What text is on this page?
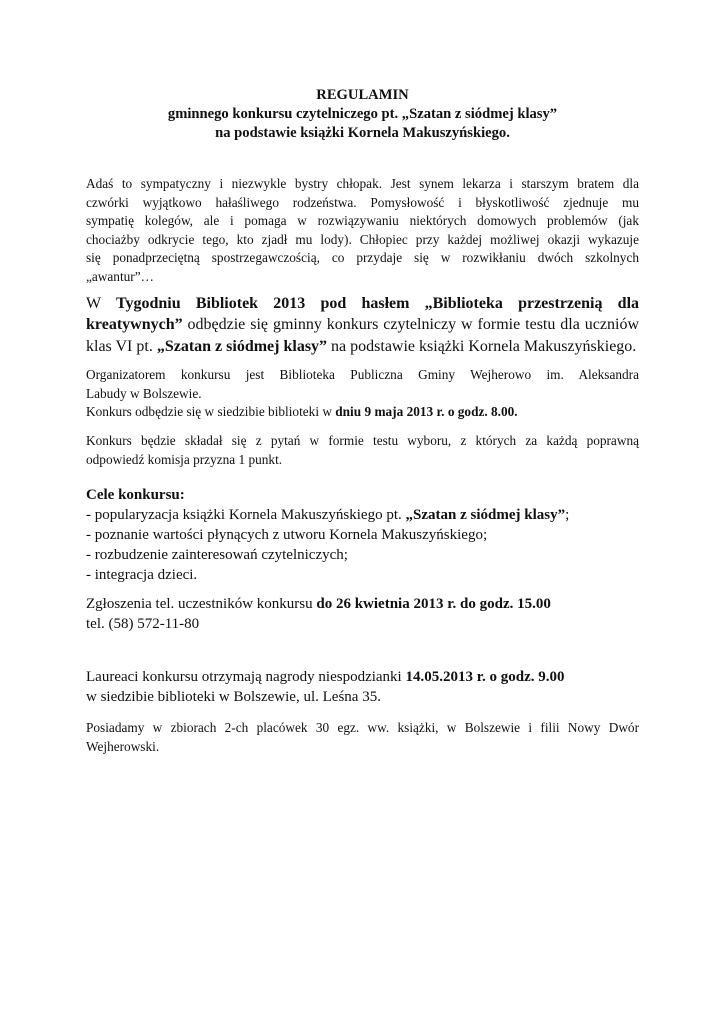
REGULAMIN
gminnego konkursu czytelniczego pt. „Szatan z siódmej klasy”
na podstawie książki Kornela Makuszyńskiego.
Adaś to sympatyczny i niezwykle bystry chłopak. Jest synem lekarza i starszym bratem dla
czwórki wyjątkowo hałaśliwego rodzeństwa. Pomysłowość i błyskotliwość zjednuje mu
sympatię kolegów, ale i pomaga w rozwiązywaniu niektórych domowych problemów (jak
chociażby odkrycie tego, kto zjadł mu lody). Chłopiec przy każdej możliwej okazji wykazuje
się ponadprzeciętną spostrzegawczością, co przydaje się w rozwikłaniu dwóch szkolnych
„awantur”…
W Tygodniu Bibliotek 2013 pod hasłem „Biblioteka przestrzenią dla
kreatywnych” odbędzie się gminny konkurs czytelniczy w formie testu dla uczniów
klas VI pt. „Szatan z siódmej klasy” na podstawie książki Kornela Makuszyńskiego.
Organizatorem konkursu jest Biblioteka Publiczna Gminy Wejherowo im. Aleksandra
Labudy w Bolszewie.
Konkurs odbędzie się w siedzibie biblioteki w dniu 9 maja 2013 r. o godz. 8.00.
Konkurs będzie składał się z pytań w formie testu wyboru, z których za każdą poprawną
odpowiedź komisja przyzna 1 punkt.
Cele konkursu:
- popularyzacja książki Kornela Makuszyńskiego pt. „Szatan z siódmej klasy”;
- poznanie wartości płynących z utworu Kornela Makuszyńskiego;
- rozbudzenie zainteresowań czytelniczych;
- integracja dzieci.
Zgłoszenia tel. uczestników konkursu do 26 kwietnia 2013 r. do godz. 15.00
tel. (58) 572-11-80
Laureaci konkursu otrzymają nagrody niespodzianki 14.05.2013 r. o godz. 9.00
w siedzibie biblioteki w Bolszewie, ul. Leśna 35.
Posiadamy w zbiorach 2-ch placówek 30 egz. ww. książki, w Bolszewie i filii Nowy Dwór
Wejherowski.
